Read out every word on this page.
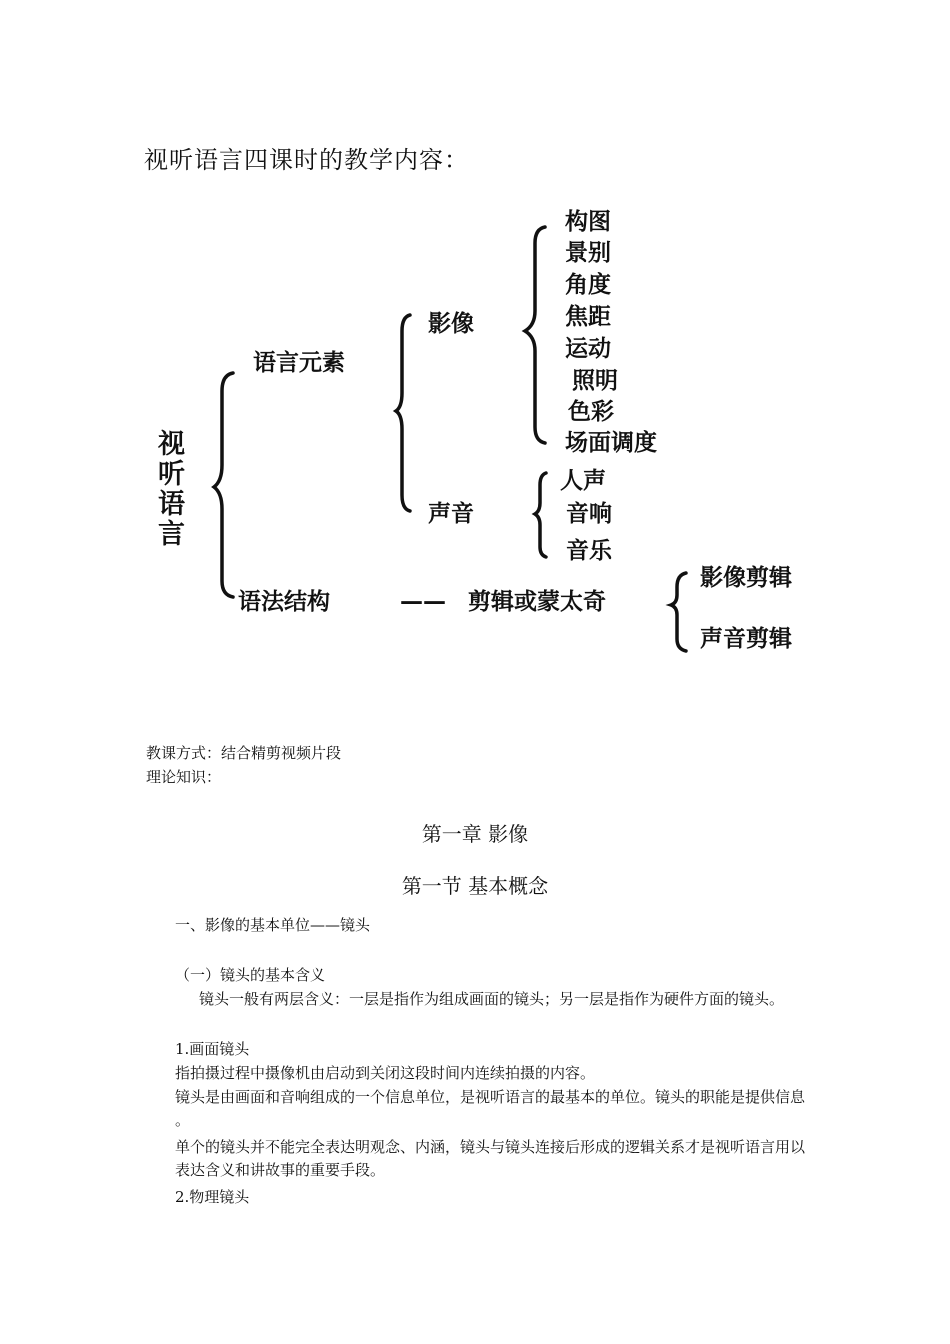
视听语言四课时的教学内容：
视
听
语
言
语言元素
语法结构
影像
声音
—— 剪辑或蒙太奇
构图
景别
角度
焦距
运动
照明
色彩
场面调度
人声
音响
音乐
影像剪辑
声音剪辑
教课方式：结合精剪视频片段
理论知识：
第一章 影像
第一节 基本概念
一、影像的基本单位——镜头
（一）镜头的基本含义
镜头一般有两层含义：一层是指作为组成画面的镜头；另一层是指作为硬件方面的镜头。
1.画面镜头
指拍摄过程中摄像机由启动到关闭这段时间内连续拍摄的内容。
镜头是由画面和音响组成的一个信息单位，是视听语言的最基本的单位。镜头的职能是提供信息 。
单个的镜头并不能完全表达明观念、内涵，镜头与镜头连接后形成的逻辑关系才是视听语言用以表达含义和讲故事的重要手段。
2.物理镜头
